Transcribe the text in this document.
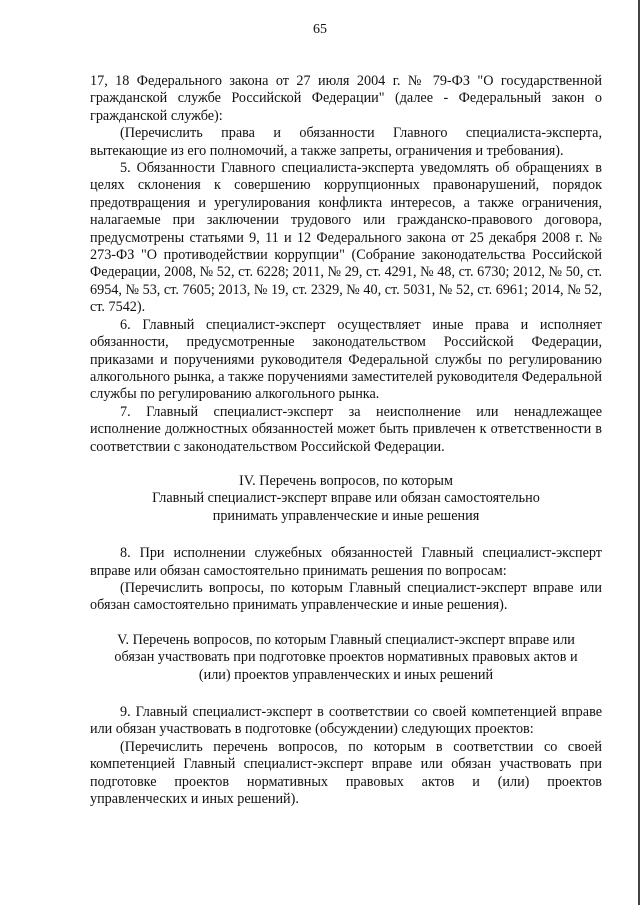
65

17, 18 Федерального закона от 27 июля 2004 г. № 79-ФЗ "О государственной гражданской службе Российской Федерации" (далее - Федеральный закон о гражданской службе):

(Перечислить права и обязанности Главного специалиста-эксперта, вытекающие из его полномочий, а также запреты, ограничения и требования).

5. Обязанности Главного специалиста-эксперта уведомлять об обращениях в целях склонения к совершению коррупционных правонарушений, порядок предотвращения и урегулирования конфликта интересов, а также ограничения, налагаемые при заключении трудового или гражданско-правового договора, предусмотрены статьями 9, 11 и 12 Федерального закона от 25 декабря 2008 г. № 273-ФЗ "О противодействии коррупции" (Собрание законодательства Российской Федерации, 2008, № 52, ст. 6228; 2011, № 29, ст. 4291, № 48, ст. 6730; 2012, № 50, ст. 6954, № 53, ст. 7605; 2013, № 19, ст. 2329, № 40, ст. 5031, № 52, ст. 6961; 2014, № 52, ст. 7542).

6. Главный специалист-эксперт осуществляет иные права и исполняет обязанности, предусмотренные законодательством Российской Федерации, приказами и поручениями руководителя Федеральной службы по регулированию алкогольного рынка, а также поручениями заместителей руководителя Федеральной службы по регулированию алкогольного рынка.

7. Главный специалист-эксперт за неисполнение или ненадлежащее исполнение должностных обязанностей может быть привлечен к ответственности в соответствии с законодательством Российской Федерации.

IV. Перечень вопросов, по которым
Главный специалист-эксперт вправе или обязан самостоятельно
принимать управленческие и иные решения

8. При исполнении служебных обязанностей Главный специалист-эксперт вправе или обязан самостоятельно принимать решения по вопросам:

(Перечислить вопросы, по которым Главный специалист-эксперт вправе или обязан самостоятельно принимать управленческие и иные решения).

V. Перечень вопросов, по которым Главный специалист-эксперт вправе или
обязан участвовать при подготовке проектов нормативных правовых актов и
(или) проектов управленческих и иных решений

9. Главный специалист-эксперт в соответствии со своей компетенцией вправе или обязан участвовать в подготовке (обсуждении) следующих проектов:

(Перечислить перечень вопросов, по которым в соответствии со своей компетенцией Главный специалист-эксперт вправе или обязан участвовать при подготовке проектов нормативных правовых актов и (или) проектов управленческих и иных решений).
